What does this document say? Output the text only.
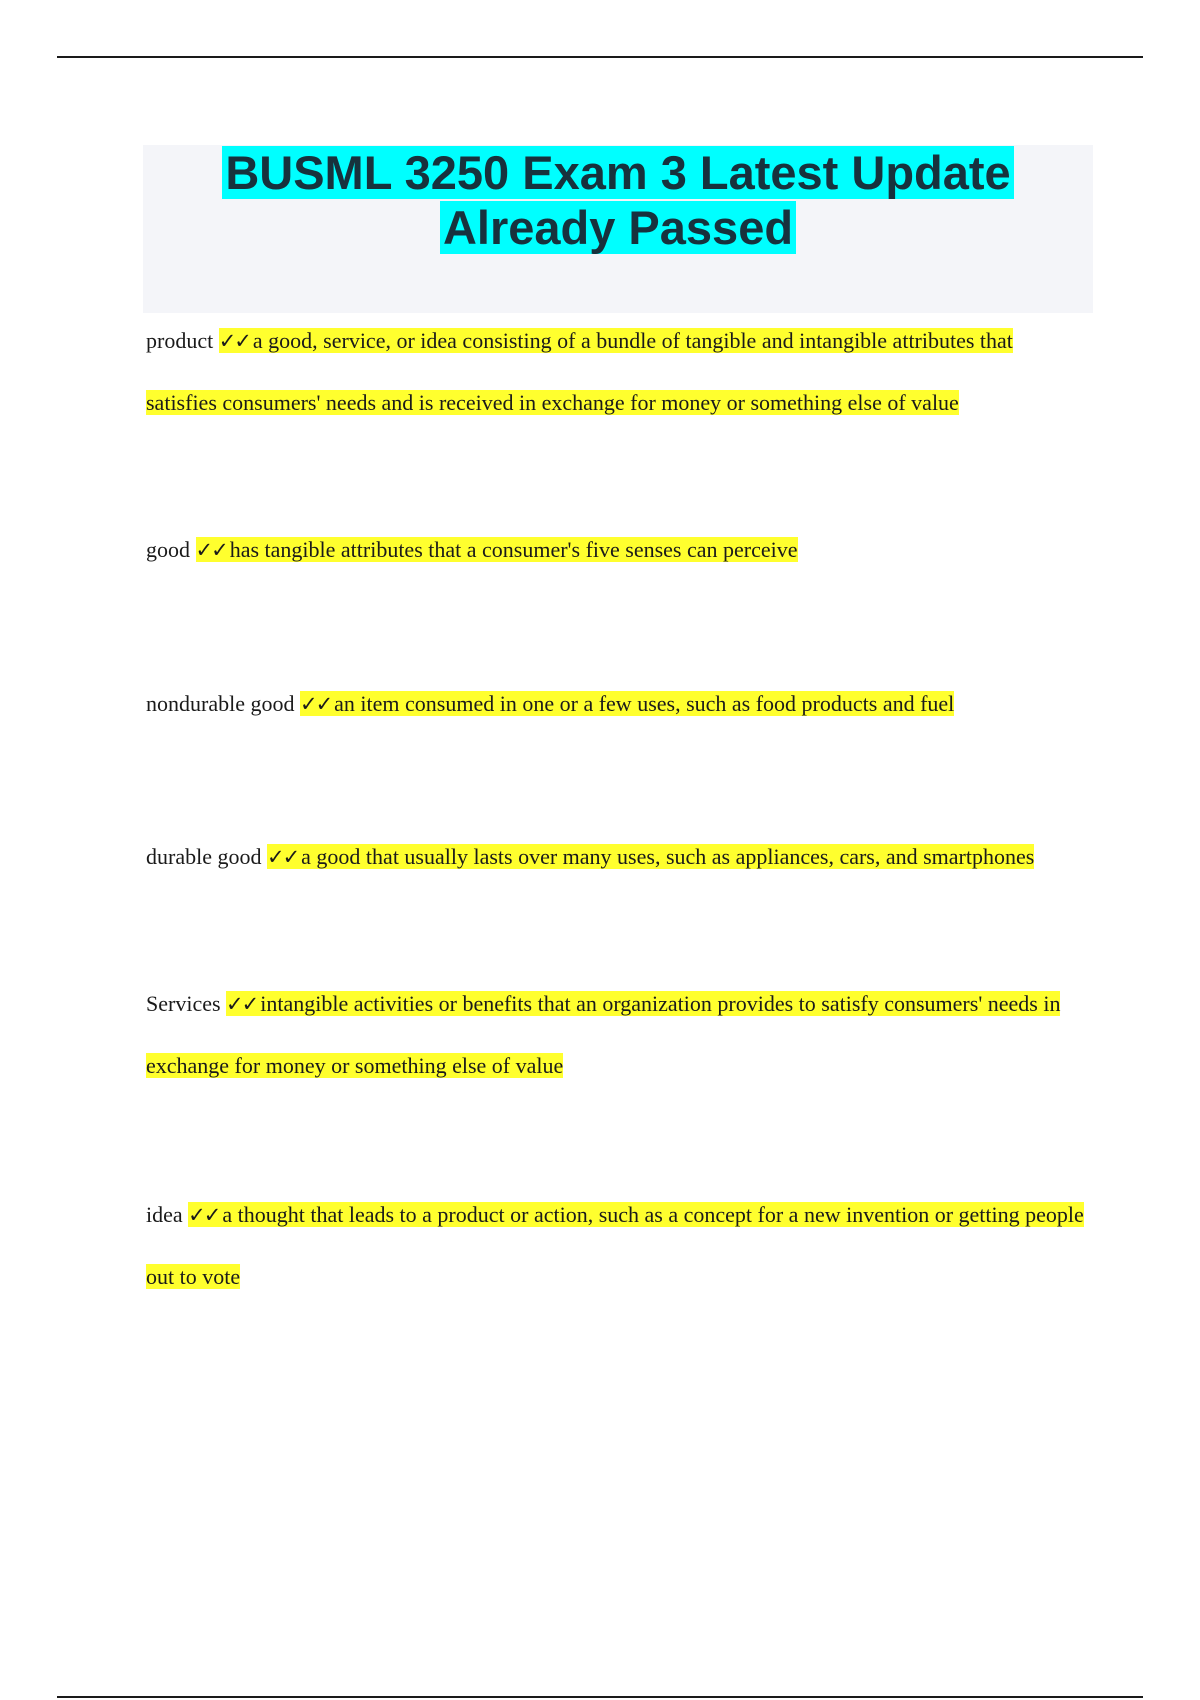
BUSML 3250 Exam 3 Latest Update
Already Passed

product ✓✓ a good, service, or idea consisting of a bundle of tangible and intangible attributes that satisfies consumers' needs and is received in exchange for money or something else of value

good ✓✓ has tangible attributes that a consumer's five senses can perceive

nondurable good ✓✓ an item consumed in one or a few uses, such as food products and fuel

durable good ✓✓ a good that usually lasts over many uses, such as appliances, cars, and smartphones

Services ✓✓ intangible activities or benefits that an organization provides to satisfy consumers' needs in exchange for money or something else of value

idea ✓✓ a thought that leads to a product or action, such as a concept for a new invention or getting people out to vote
